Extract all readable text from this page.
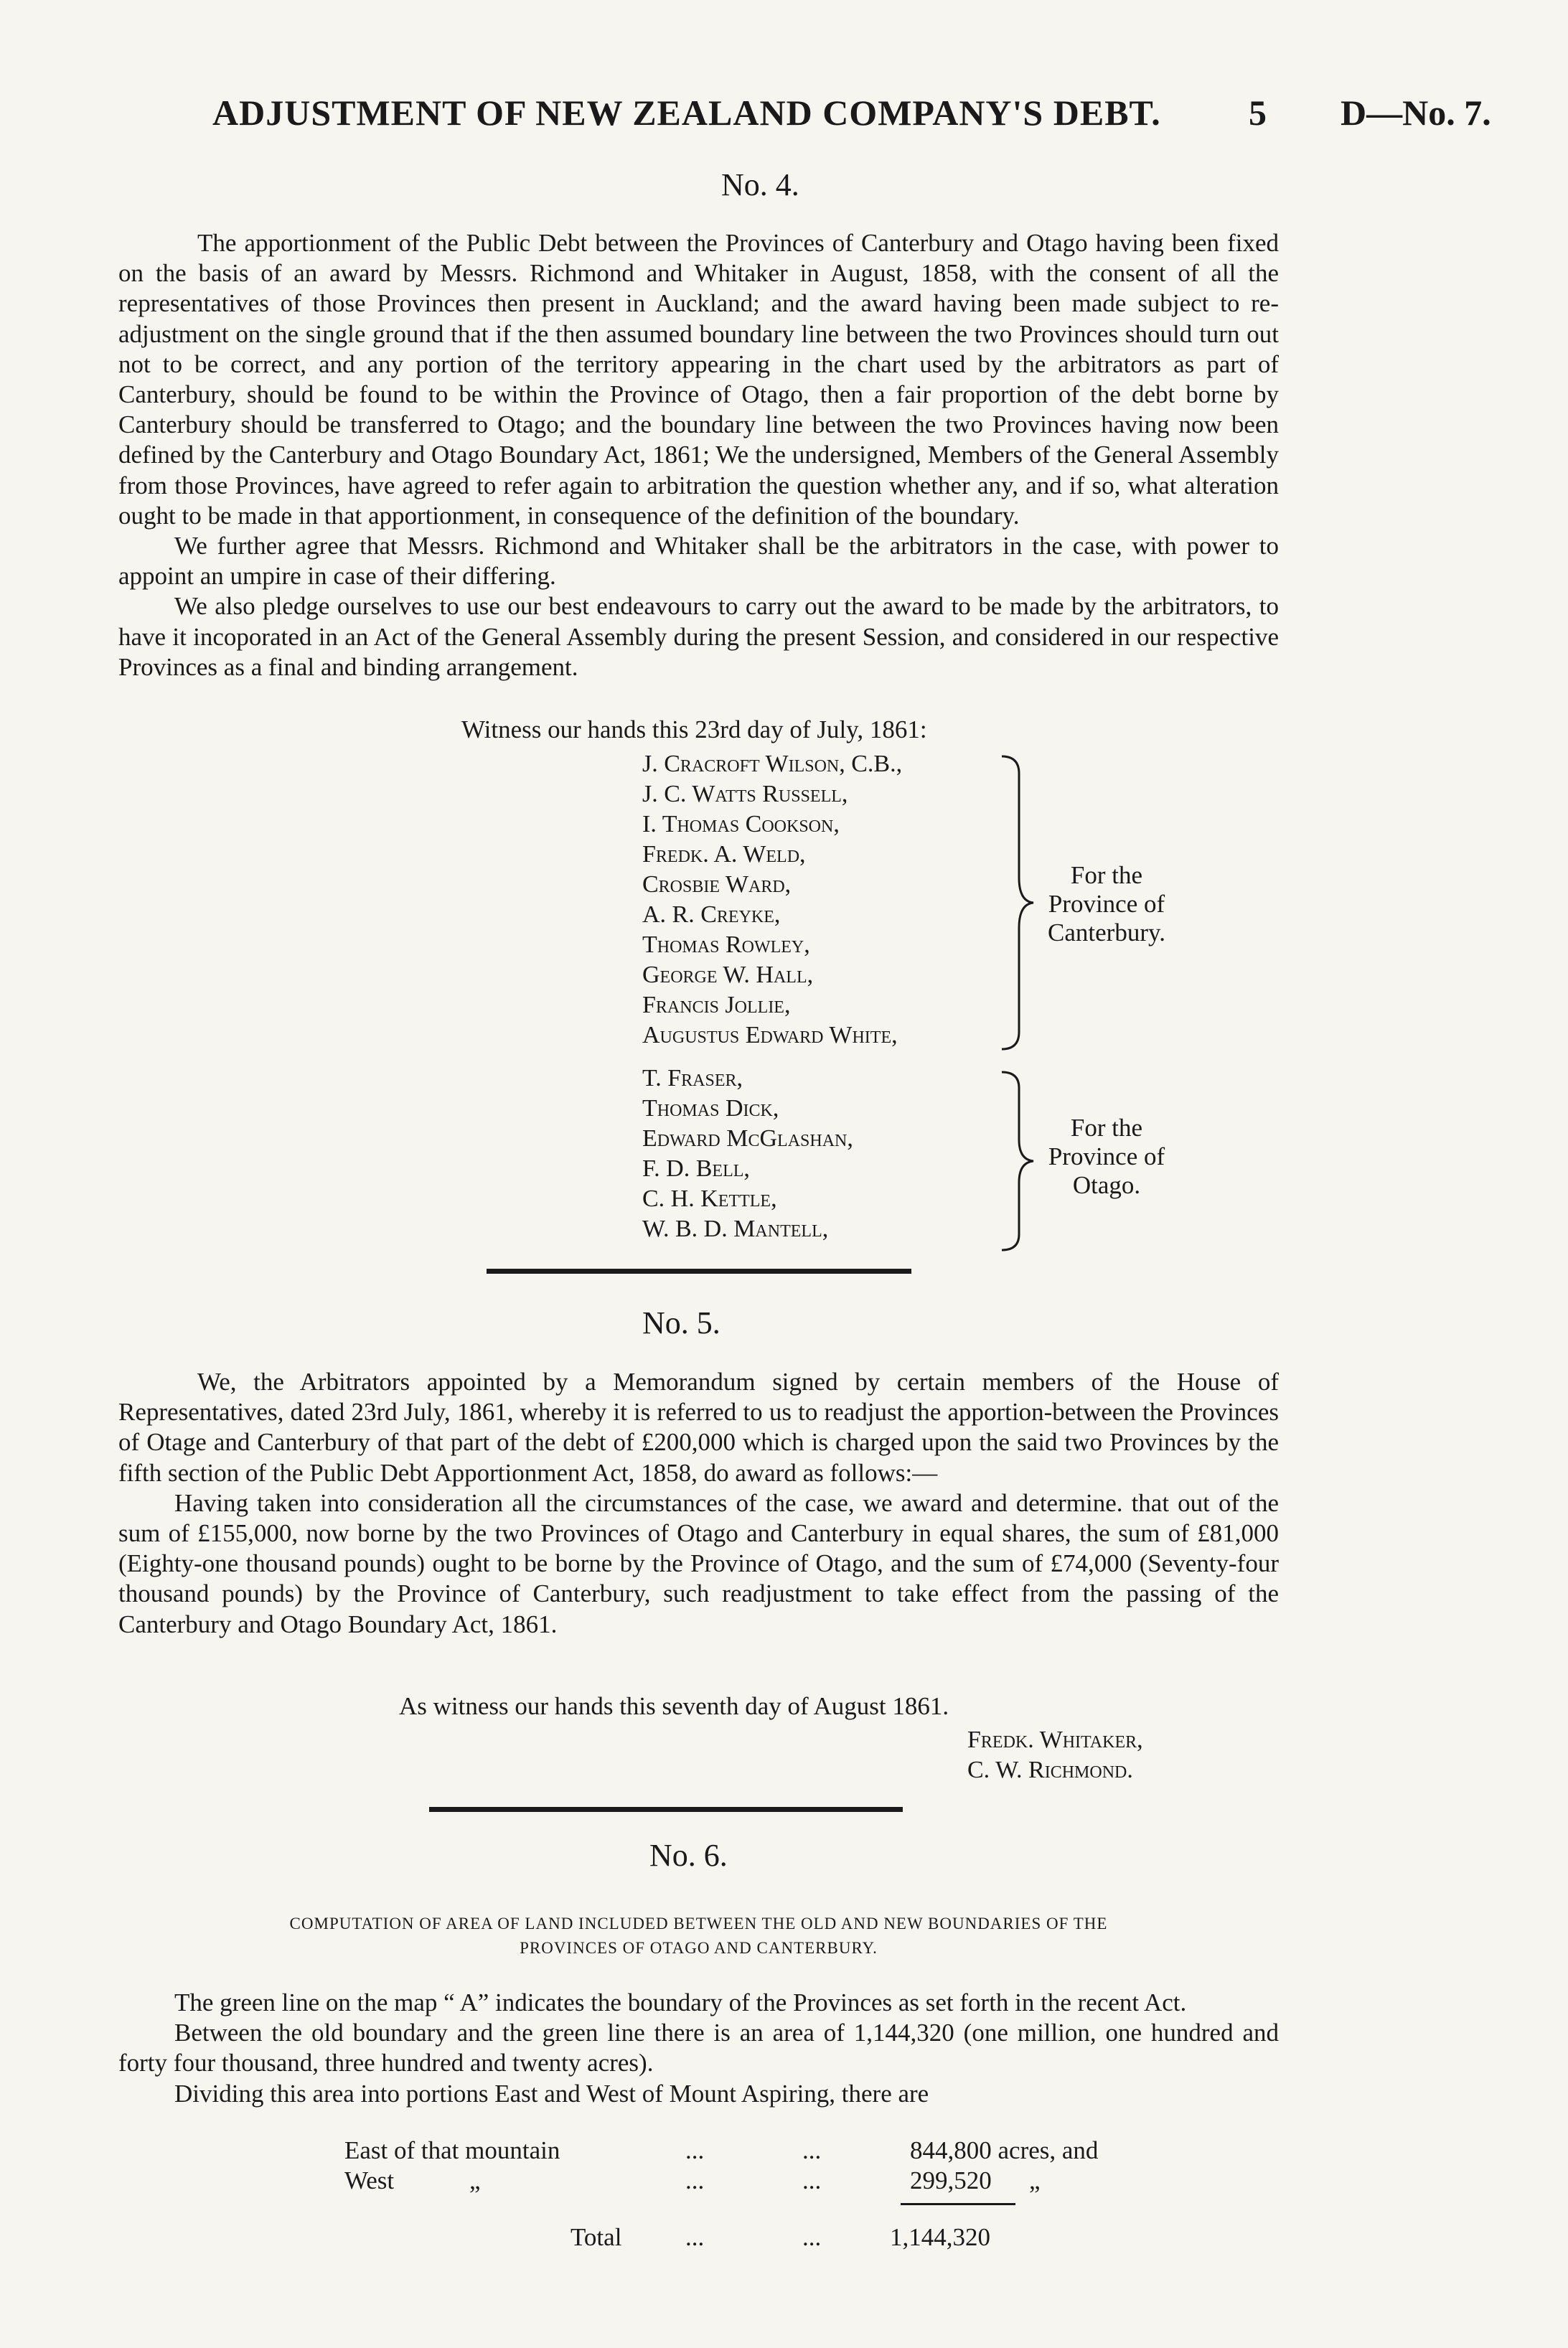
ADJUSTMENT OF NEW ZEALAND COMPANY'S DEBT. 5 D—No. 7.
No. 4.

The apportionment of the Public Debt between the Provinces of Canterbury and Otago having been fixed on the basis of an award by Messrs. Richmond and Whitaker in August, 1858, with the consent of all the representatives of those Provinces then present in Auckland; and the award having been made subject to re-adjustment on the single ground that if the then assumed boundary line between the two Provinces should turn out not to be correct, and any portion of the territory appearing in the chart used by the arbitrators as part of Canterbury, should be found to be within the Province of Otago, then a fair proportion of the debt borne by Canterbury should be transferred to Otago; and the boundary line between the two Provinces having now been defined by the Canterbury and Otago Boundary Act, 1861; We the undersigned, Members of the General Assembly from those Provinces, have agreed to refer again to arbitration the question whether any, and if so, what alteration ought to be made in that apportionment, in consequence of the definition of the boundary.

We further agree that Messrs. Richmond and Whitaker shall be the arbitrators in the case, with power to appoint an umpire in case of their differing.

We also pledge ourselves to use our best endeavours to carry out the award to be made by the arbitrators, to have it incoporated in an Act of the General Assembly during the present Session, and considered in our respective Provinces as a final and binding arrangement.

Witness our hands this 23rd day of July, 1861:
J. Cracroft Wilson, C.B.,
J. C. Watts Russell,
I. Thomas Cookson,
Fredk. A. Weld,
Crosbie Ward,
A. R. Creyke,
Thomas Rowley,
George W. Hall,
Francis Jollie,
Augustus Edward White,
For the
Province of
Canterbury.
T. Fraser,
Thomas Dick,
Edward McGlashan,
F. D. Bell,
C. H. Kettle,
W. B. D. Mantell,
For the
Province of
Otago.
No. 5.

We, the Arbitrators appointed by a Memorandum signed by certain members of the House of Representatives, dated 23rd July, 1861, whereby it is referred to us to readjust the apportion-between the Provinces of Otage and Canterbury of that part of the debt of £200,000 which is charged upon the said two Provinces by the fifth section of the Public Debt Apportionment Act, 1858, do award as follows:—

Having taken into consideration all the circumstances of the case, we award and determine. that out of the sum of £155,000, now borne by the two Provinces of Otago and Canterbury in equal shares, the sum of £81,000 (Eighty-one thousand pounds) ought to be borne by the Province of Otago, and the sum of £74,000 (Seventy-four thousand pounds) by the Province of Canterbury, such readjustment to take effect from the passing of the Canterbury and Otago Boundary Act, 1861.

As witness our hands this seventh day of August 1861.
Fredk. Whitaker,
C. W. Richmond.
No. 6.
COMPUTATION OF AREA OF LAND INCLUDED BETWEEN THE OLD AND NEW BOUNDARIES OF THE
PROVINCES OF OTAGO AND CANTERBURY.

The green line on the map “ A” indicates the boundary of the Provinces as set forth in the recent Act.

Between the old boundary and the green line there is an area of 1,144,320 (one million, one hundred and forty four thousand, three hundred and twenty acres).

Dividing this area into portions East and West of Mount Aspiring, there are

East of that mountain	...	...	844,800 acres, and
West	„	...	...	299,520 „
Total	...	...	1,144,320
